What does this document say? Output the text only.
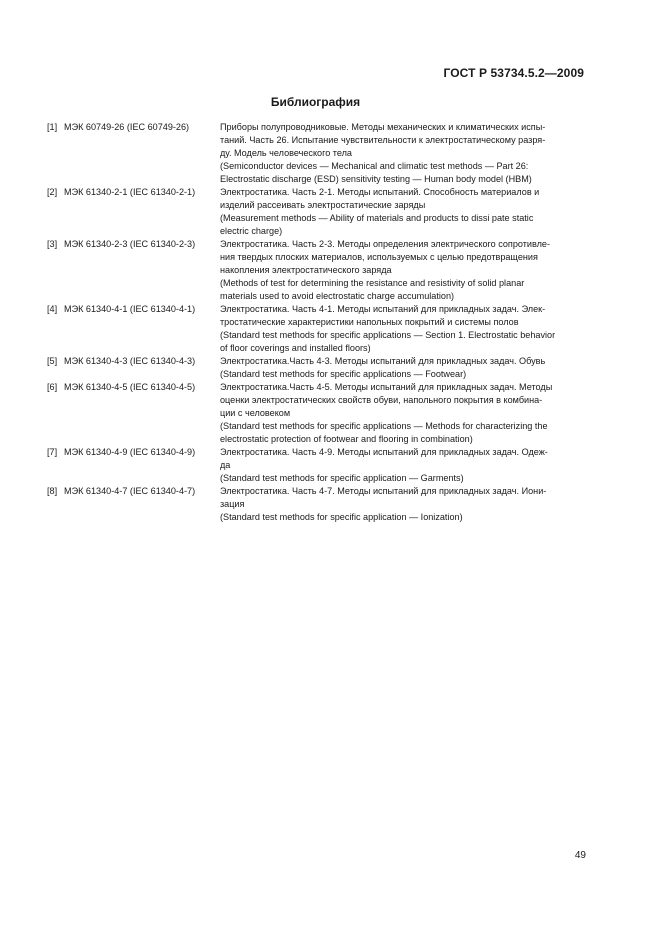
ГОСТ Р 53734.5.2—2009
Библиография
[1] МЭК 60749-26 (IEC 60749-26)	Приборы полупроводниковые. Методы механических и климатических испы-
таний. Часть 26. Испытание чувствительности к электростатическому разря-
ду. Модель человеческого тела
(Semiconductor devices — Mechanical and climatic test methods — Part 26:
Electrostatic discharge (ESD) sensitivity testing — Human body model (HBM)
[2] МЭК 61340-2-1 (IEC 61340-2-1)	Электростатика. Часть 2-1. Методы испытаний. Способность материалов и
изделий рассеивать электростатические заряды
(Measurement methods — Ability of materials and products to dissi pate static
electric charge)
[3] МЭК 61340-2-3 (IEC 61340-2-3)	Электростатика. Часть 2-3. Методы определения электрического сопротивле-
ния твердых плоских материалов, используемых с целью предотвращения
накопления электростатического заряда
(Methods of test for determining the resistance and resistivity of solid planar
materials used to avoid electrostatic charge accumulation)
[4] МЭК 61340-4-1 (IEC 61340-4-1)	Электростатика. Часть 4-1. Методы испытаний для прикладных задач. Элек-
тростатические характеристики напольных покрытий и системы полов
(Standard test methods for specific applications — Section 1. Electrostatic behavior
of floor coverings and installed floors)
[5] МЭК 61340-4-3 (IEC 61340-4-3)	Электростатика.Часть 4-3. Методы испытаний для прикладных задач. Обувь
(Standard test methods for specific applications — Footwear)
[6] МЭК 61340-4-5 (IEC 61340-4-5)	Электростатика.Часть 4-5. Методы испытаний для прикладных задач. Методы
оценки электростатических свойств обуви, напольного покрытия в комбина-
ции с человеком
(Standard test methods for specific applications — Methods for characterizing the
electrostatic protection of footwear and flooring in combination)
[7] МЭК 61340-4-9 (IEC 61340-4-9)	Электростатика. Часть 4-9. Методы испытаний для прикладных задач. Одеж-
да
(Standard test methods for specific application — Garments)
[8] МЭК 61340-4-7 (IEC 61340-4-7)	Электростатика. Часть 4-7. Методы испытаний для прикладных задач. Иони-
зация
(Standard test methods for specific application — Ionization)
49
